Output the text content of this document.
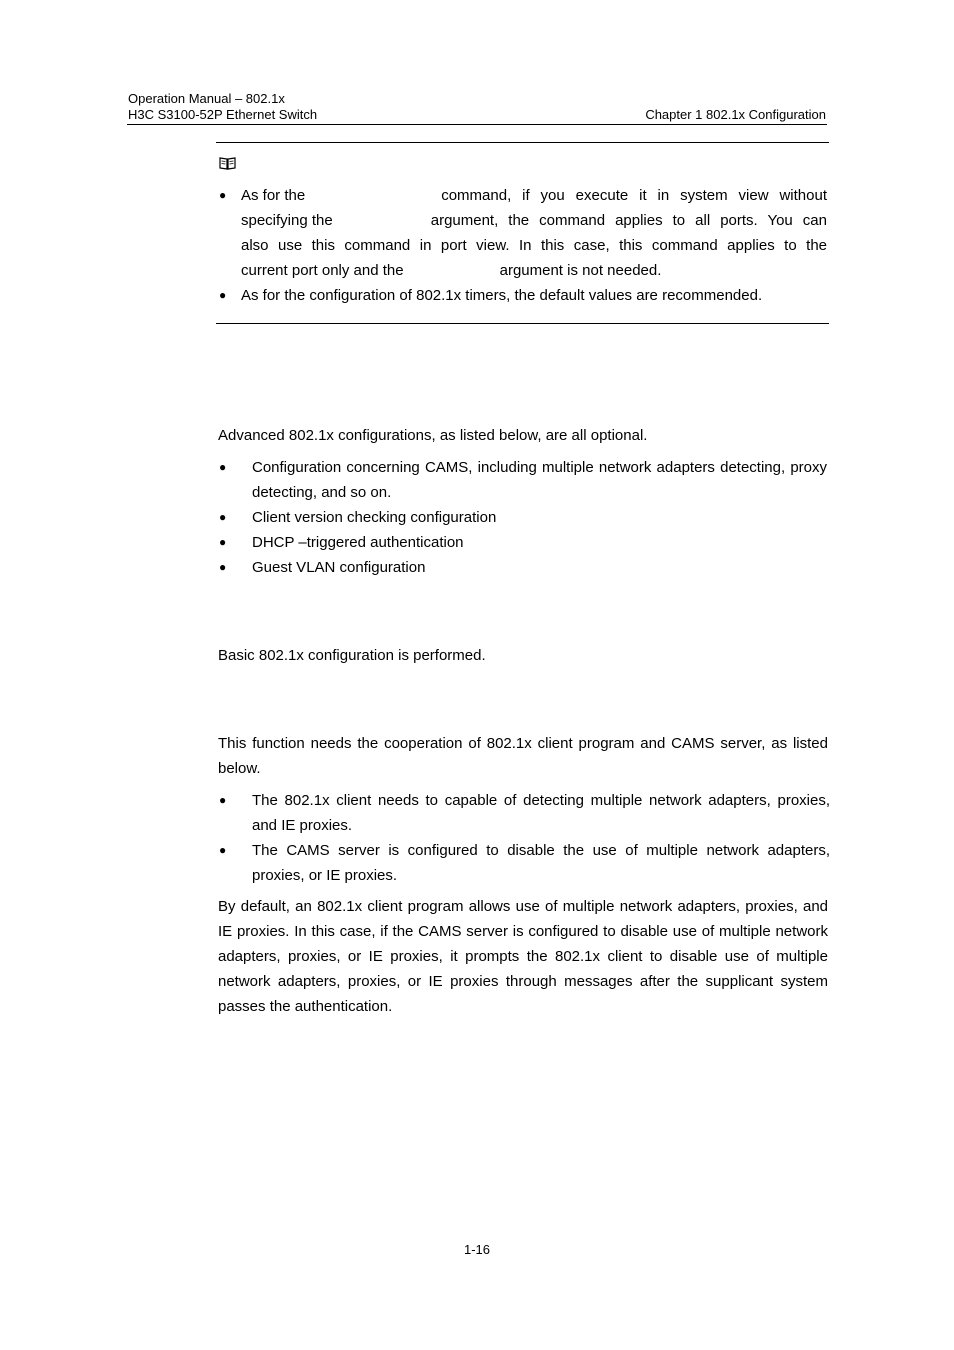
Operation Manual – 802.1x
H3C S3100-52P Ethernet Switch	Chapter 1 802.1x Configuration
● As for the	command, if you execute it in system view without
specifying the	argument, the command applies to all ports. You can
also use this command in port view. In this case, this command applies to the
current port only and the	argument is not needed.
● As for the configuration of 802.1x timers, the default values are recommended.
Advanced 802.1x configurations, as listed below, are all optional.
● Configuration concerning CAMS, including multiple network adapters detecting, proxy detecting, and so on.
● Client version checking configuration
● DHCP –triggered authentication
● Guest VLAN configuration
Basic 802.1x configuration is performed.
This function needs the cooperation of 802.1x client program and CAMS server, as listed below.
● The 802.1x client needs to capable of detecting multiple network adapters, proxies, and IE proxies.
● The CAMS server is configured to disable the use of multiple network adapters, proxies, or IE proxies.
By default, an 802.1x client program allows use of multiple network adapters, proxies, and IE proxies. In this case, if the CAMS server is configured to disable use of multiple network adapters, proxies, or IE proxies, it prompts the 802.1x client to disable use of multiple network adapters, proxies, or IE proxies through messages after the supplicant system passes the authentication.
1-16
